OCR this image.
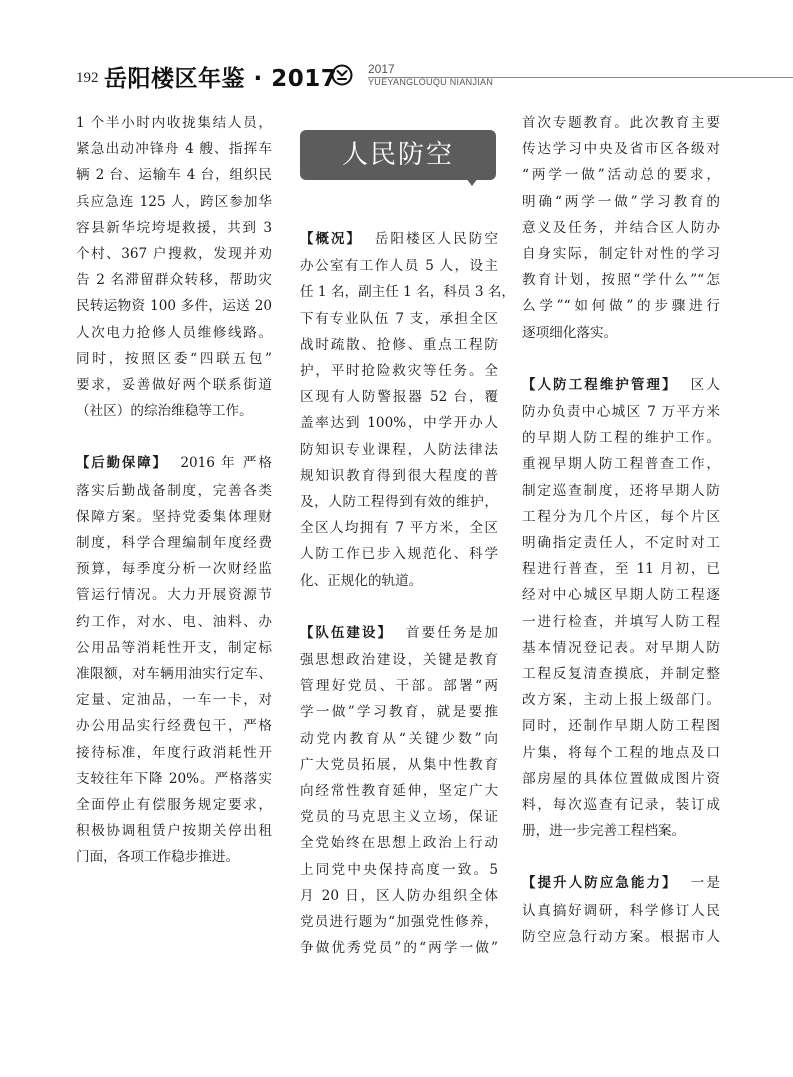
192 岳阳楼区年鉴 · 2017	2017
YUEYANGLOUQU NIANJIAN
人民防空
1 个半小时内收拢集结人员，
紧急出动冲锋舟 4 艘、指挥车
辆 2 台、运输车 4 台，组织民
兵应急连 125 人，跨区参加华
容县新华垸垮堤救援，共到 3
个村、367 户搜救，发现并劝
告 2 名滞留群众转移，帮助灾
民转运物资 100 多件，运送 20
人次电力抢修人员维修线路。
同时，按照区委“四联五包”
要求，妥善做好两个联系街道
（社区）的综治维稳等工作。
【后勤保障】 2016 年 严格
落实后勤战备制度，完善各类
保障方案。坚持党委集体理财
制度，科学合理编制年度经费
预算，每季度分析一次财经监
管运行情况。大力开展资源节
约工作，对水、电、油料、办
公用品等消耗性开支，制定标
准限额，对车辆用油实行定车、
定量、定油品，一车一卡，对
办公用品实行经费包干，严格
接待标准，年度行政消耗性开
支较往年下降 20%。严格落实
全面停止有偿服务规定要求，
积极协调租赁户按期关停出租
门面，各项工作稳步推进。
【概况】 岳阳楼区人民防空
办公室有工作人员 5 人，设主
任 1 名，副主任 1 名，科员 3 名，
下有专业队伍 7 支，承担全区
战时疏散、抢修、重点工程防
护，平时抢险救灾等任务。全
区现有人防警报器 52 台，覆
盖率达到 100%，中学开办人
防知识专业课程，人防法律法
规知识教育得到很大程度的普
及，人防工程得到有效的维护，
全区人均拥有 7 平方米，全区
人防工作已步入规范化、科学
化、正规化的轨道。
【队伍建设】 首要任务是加
强思想政治建设，关键是教育
管理好党员、干部。部署“两
学一做”学习教育，就是要推
动党内教育从“关键少数”向
广大党员拓展，从集中性教育
向经常性教育延伸，坚定广大
党员的马克思主义立场，保证
全党始终在思想上政治上行动
上同党中央保持高度一致。5
月 20 日，区人防办组织全体
党员进行题为“加强党性修养，
争做优秀党员”的“两学一做”
首次专题教育。此次教育主要
传达学习中央及省市区各级对
“两学一做”活动总的要求，
明确“两学一做”学习教育的
意义及任务，并结合区人防办
自身实际，制定针对性的学习
教育计划，按照“学什么”“怎
么学”“如何做”的步骤进行
逐项细化落实。
【人防工程维护管理】 区人
防办负责中心城区 7 万平方米
的早期人防工程的维护工作。
重视早期人防工程普查工作，
制定巡查制度，还将早期人防
工程分为几个片区，每个片区
明确指定责任人，不定时对工
程进行普查，至 11 月初，已
经对中心城区早期人防工程逐
一进行检查，并填写人防工程
基本情况登记表。对早期人防
工程反复清查摸底，并制定整
改方案，主动上报上级部门。
同时，还制作早期人防工程图
片集，将每个工程的地点及口
部房屋的具体位置做成图片资
料，每次巡查有记录，装订成
册，进一步完善工程档案。
【提升人防应急能力】 一是
认真搞好调研，科学修订人民
防空应急行动方案。根据市人
